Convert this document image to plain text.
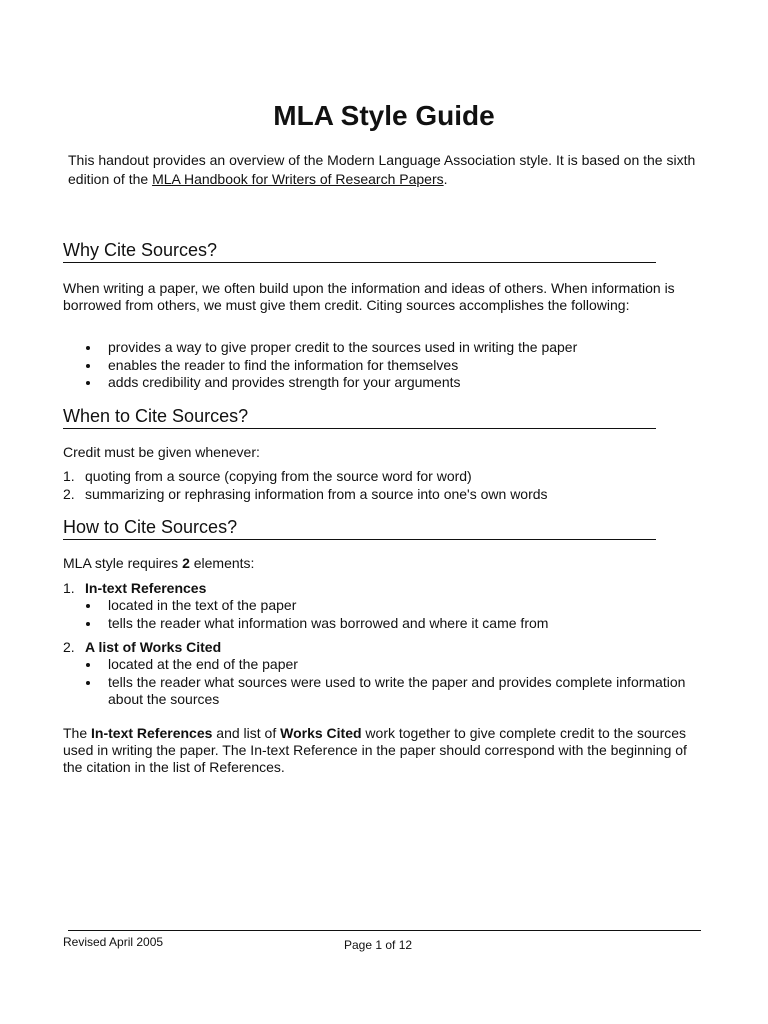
MLA Style Guide

This handout provides an overview of the Modern Language Association style. It is based on the sixth edition of the MLA Handbook for Writers of Research Papers.

Why Cite Sources?

When writing a paper, we often build upon the information and ideas of others. When information is borrowed from others, we must give them credit. Citing sources accomplishes the following:

provides a way to give proper credit to the sources used in writing the paper
enables the reader to find the information for themselves
adds credibility and provides strength for your arguments
When to Cite Sources?

Credit must be given whenever:

1. quoting from a source (copying from the source word for word)
2. summarizing or rephrasing information from a source into one's own words
How to Cite Sources?

MLA style requires 2 elements:

1. In-text References
located in the text of the paper
tells the reader what information was borrowed and where it came from
2. A list of Works Cited
located at the end of the paper
tells the reader what sources were used to write the paper and provides complete information about the sources

The In-text References and list of Works Cited work together to give complete credit to the sources used in writing the paper. The In-text Reference in the paper should correspond with the beginning of the citation in the list of References.

Revised April 2005	Page 1 of 12
